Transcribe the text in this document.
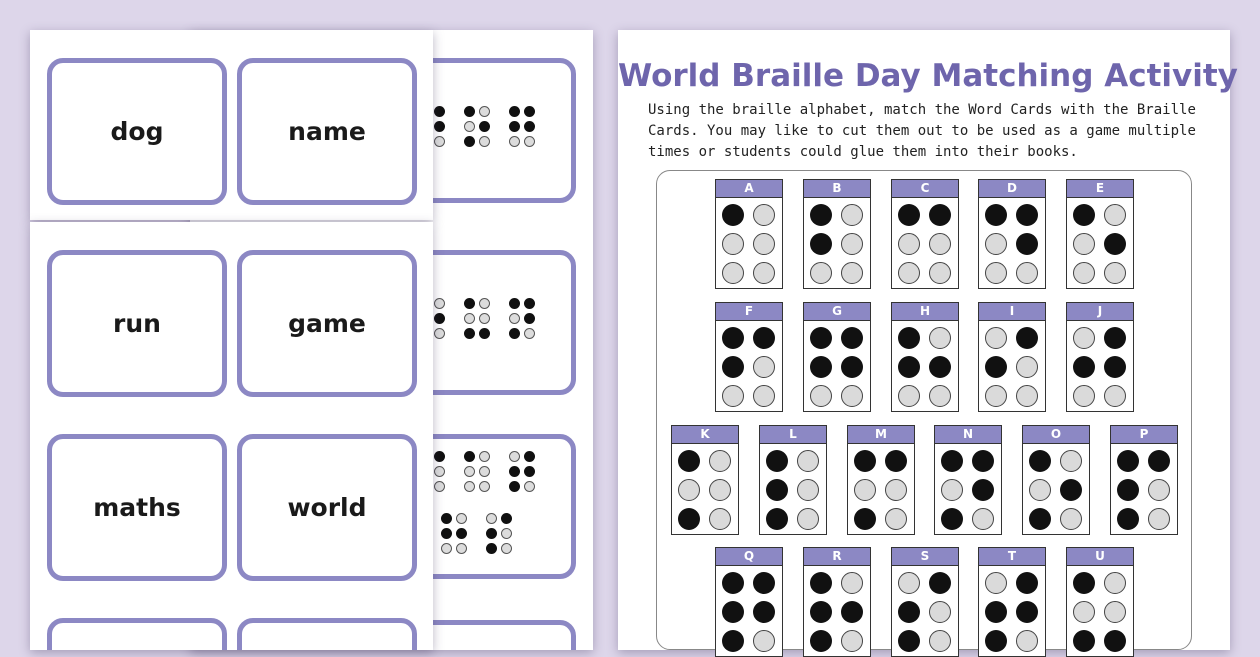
dog	name
run	game
maths	world
World Braille Day Matching Activity
Using the braille alphabet, match the Word Cards with the Braille Cards. You may like to cut them out to be used as a game multiple times or students could glue them into their books.
A	B	C	D	E
F	G	H	I	J
K	L	M	N	O	P
Q	R	S	T	U
